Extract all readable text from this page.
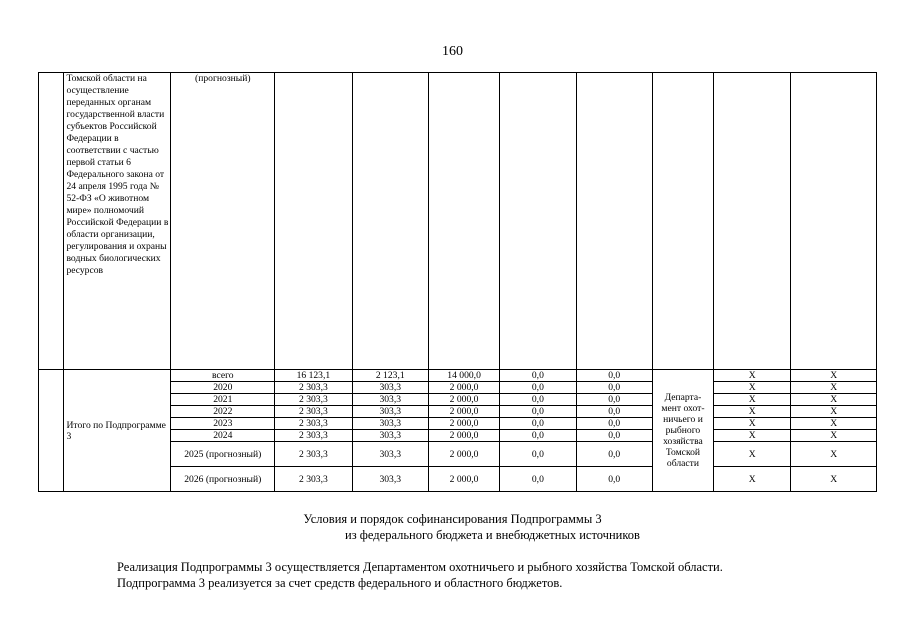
160

	Томской области на осуществление переданных органам государственной власти субъектов Российской Федерации в соответствии с частью первой статьи 6 Федерального закона от 24 апреля 1995 года № 52-ФЗ «О животном мире» полномочий Российской Федерации в области организации, регулирования и охраны водных биологических ресурсов	(прогнозный)								
	Итого по Подпрограмме 3	всего	16 123,1	2 123,1	14 000,0	0,0	0,0	Департа-мент охот-ничьего и рыбного хозяйства Томской области	X	X
		2020	2 303,3	303,3	2 000,0	0,0	0,0		X	X
		2021	2 303,3	303,3	2 000,0	0,0	0,0		X	X
		2022	2 303,3	303,3	2 000,0	0,0	0,0		X	X
		2023	2 303,3	303,3	2 000,0	0,0	0,0		X	X
		2024	2 303,3	303,3	2 000,0	0,0	0,0		X	X
		2025 (прогнозный)	2 303,3	303,3	2 000,0	0,0	0,0		X	X
		2026 (прогнозный)	2 303,3	303,3	2 000,0	0,0	0,0		X	X
Условия и порядок софинансирования Подпрограммы 3
из федерального бюджета и внебюджетных источников
Реализация Подпрограммы 3 осуществляется Департаментом охотничьего и рыбного хозяйства Томской области.
Подпрограмма 3 реализуется за счет средств федерального и областного бюджетов.
